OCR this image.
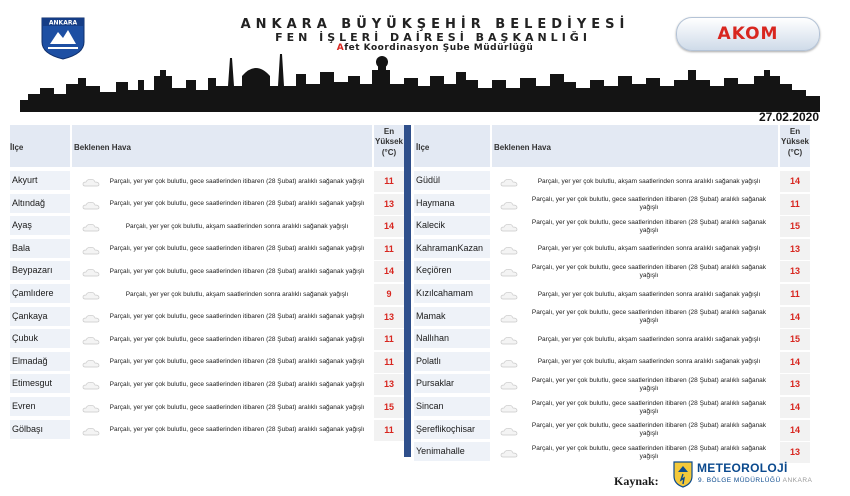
ANKARA	ANKARA BÜYÜKŞEHİR BELEDİYESİ
FEN İŞLERİ DAİRESİ BAŞKANLIĞI
Afet Koordinasyon Şube Müdürlüğü
AKOM
27.02.2020
İlçe	Beklenen Hava
En
Yüksek
(°C)
Akyurt	Parçalı, yer yer çok bulutlu, gece saatlerinden itibaren (28 Şubat) aralıklı sağanak yağışlı	11
Altındağ	Parçalı, yer yer çok bulutlu, gece saatlerinden itibaren (28 Şubat) aralıklı sağanak yağışlı	13
Ayaş	Parçalı, yer yer çok bulutlu, akşam saatlerinden sonra aralıklı sağanak yağışlı	14
Bala	Parçalı, yer yer çok bulutlu, gece saatlerinden itibaren (28 Şubat) aralıklı sağanak yağışlı	11
Beypazarı	Parçalı, yer yer çok bulutlu, gece saatlerinden itibaren (28 Şubat) aralıklı sağanak yağışlı	14
Çamlıdere	Parçalı, yer yer çok bulutlu, akşam saatlerinden sonra aralıklı sağanak yağışlı	9
Çankaya	Parçalı, yer yer çok bulutlu, gece saatlerinden itibaren (28 Şubat) aralıklı sağanak yağışlı	13
Çubuk	Parçalı, yer yer çok bulutlu, gece saatlerinden itibaren (28 Şubat) aralıklı sağanak yağışlı	11
Elmadağ	Parçalı, yer yer çok bulutlu, gece saatlerinden itibaren (28 Şubat) aralıklı sağanak yağışlı	11
Etimesgut	Parçalı, yer yer çok bulutlu, gece saatlerinden itibaren (28 Şubat) aralıklı sağanak yağışlı	13
Evren	Parçalı, yer yer çok bulutlu, gece saatlerinden itibaren (28 Şubat) aralıklı sağanak yağışlı	15
Gölbaşı	Parçalı, yer yer çok bulutlu, gece saatlerinden itibaren (28 Şubat) aralıklı sağanak yağışlı	11
İlçe	Beklenen Hava
En
Yüksek
(°C)
Güdül	Parçalı, yer yer çok bulutlu, akşam saatlerinden sonra aralıklı sağanak yağışlı	14
Haymana	Parçalı, yer yer çok bulutlu, gece saatlerinden itibaren (28 Şubat) aralıklı sağanak yağışlı	11
Kalecik	Parçalı, yer yer çok bulutlu, gece saatlerinden itibaren (28 Şubat) aralıklı sağanak yağışlı	15
KahramanKazan	Parçalı, yer yer çok bulutlu, akşam saatlerinden sonra aralıklı sağanak yağışlı	13
Keçiören	Parçalı, yer yer çok bulutlu, gece saatlerinden itibaren (28 Şubat) aralıklı sağanak yağışlı	13
Kızılcahamam	Parçalı, yer yer çok bulutlu, akşam saatlerinden sonra aralıklı sağanak yağışlı	11
Mamak	Parçalı, yer yer çok bulutlu, gece saatlerinden itibaren (28 Şubat) aralıklı sağanak yağışlı	14
Nallıhan	Parçalı, yer yer çok bulutlu, akşam saatlerinden sonra aralıklı sağanak yağışlı	15
Polatlı	Parçalı, yer yer çok bulutlu, akşam saatlerinden sonra aralıklı sağanak yağışlı	14
Pursaklar	Parçalı, yer yer çok bulutlu, gece saatlerinden itibaren (28 Şubat) aralıklı sağanak yağışlı	13
Sincan	Parçalı, yer yer çok bulutlu, gece saatlerinden itibaren (28 Şubat) aralıklı sağanak yağışlı	14
Şereflikoçhisar	Parçalı, yer yer çok bulutlu, gece saatlerinden itibaren (28 Şubat) aralıklı sağanak yağışlı	14
Yenimahalle	Parçalı, yer yer çok bulutlu, gece saatlerinden itibaren (28 Şubat) aralıklı sağanak yağışlı	13
Kaynak:
METEOROLOJİ
9. BÖLGE MÜDÜRLÜĞÜ ANKARA
